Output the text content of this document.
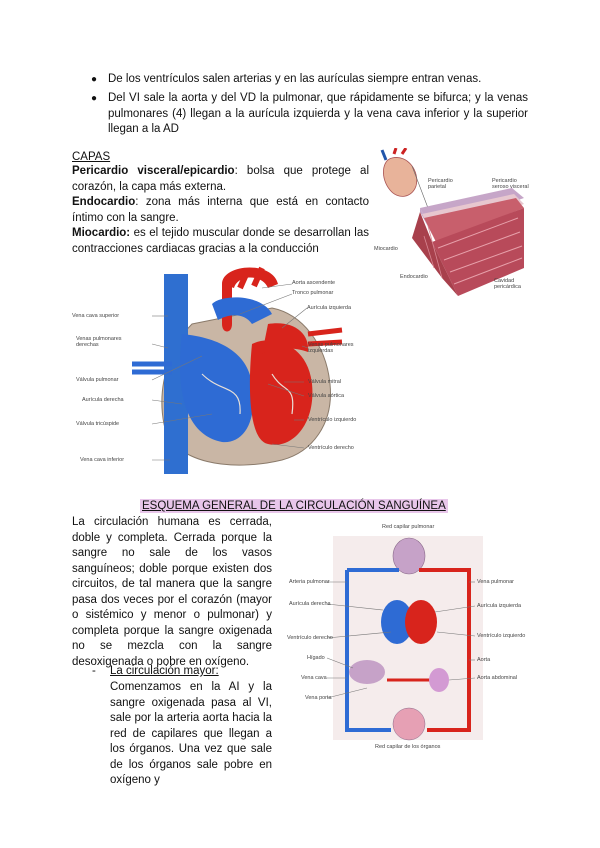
● De los ventrículos salen arterias y en las aurículas siempre entran venas.
● Del VI sale la aorta y del VD la pulmonar, que rápidamente se bifurca; y la venas pulmonares (4) llegan a la aurícula izquierda y la vena cava inferior y la superior llegan a la AD
CAPAS
Pericardio visceral/epicardio: bolsa que protege al corazón, la capa más externa.
Endocardio: zona más interna que está en contacto íntimo con la sangre.
Miocardio: es el tejido muscular donde se desarrollan las contracciones cardiacas gracias a la conducción
Pericardio parietal
Pericardio seroso visceral
Miocardio
Endocardio
Cavidad pericárdica
Aorta ascendente
Tronco pulmonar
Aurícula izquierda
Venas pulmonares izquierdas
Válvula mitral
Válvula aórtica
Ventrículo izquierdo
Ventrículo derecho
Vena cava superior
Venas pulmonares derechas
Válvula pulmonar
Aurícula derecha
Válvula tricúspide
Vena cava inferior
ESQUEMA GENERAL DE LA CIRCULACIÓN SANGUÍNEA
La circulación humana es cerrada, doble y completa. Cerrada porque la sangre no sale de los vasos sanguíneos; doble porque existen dos circuitos, de tal manera que la sangre pasa dos veces por el corazón (mayor o sistémico y menor o pulmonar) y completa porque la sangre oxigenada no se mezcla con la sangre desoxigenada o pobre en oxígeno.
- La circulación mayor:
Comenzamos en la AI y la sangre oxigenada pasa al VI, sale por la arteria aorta hacia la red de capilares que llegan a los órganos. Una vez que sale de los órganos sale pobre en oxígeno y
Red capilar pulmonar
Arteria pulmonar
Aurícula derecha
Ventrículo derecho
Hígado
Vena cava
Vena porta
Vena pulmonar
Aurícula izquierda
Ventrículo izquierdo
Aorta
Aorta abdominal
Red capilar de los órganos
